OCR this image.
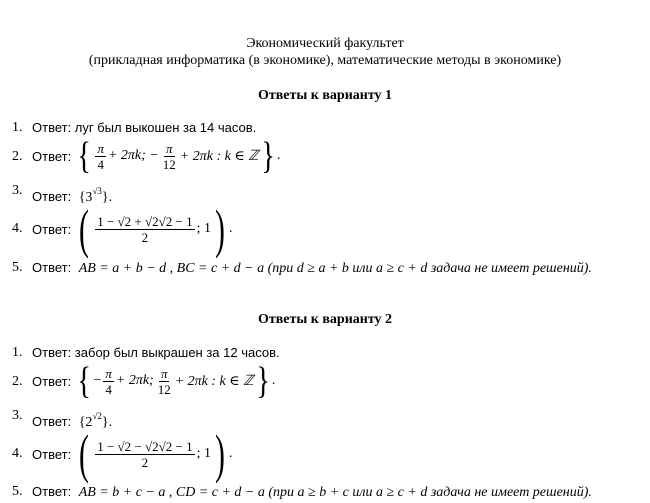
Экономический факультет
(прикладная информатика (в экономике), математические методы в экономике)
Ответы к варианту 1
1. Ответ: луг был выкошен за 14 часов.
2. Ответ: { $\frac{\pi}{4} + 2\pi k$; − $\frac{\pi}{12} + 2\pi k$ : k ∈ ℤ } .
3. Ответ: $\{3^{√3}\}$.
4. Ответ: ( $\frac{1 - √2 + √2√2 - 1}{2}$ ; 1 ) .
5. Ответ: AB = a + b − d , BC = c + d − a (при d ≥ a + b или a ≥ c + d задача не имеет решений).
Ответы к варианту 2
1. Ответ: забор был выкрашен за 12 часов.
2. Ответ: { − $\frac{\pi}{4} + 2\pi k$; $\frac{\pi}{12} + 2\pi k$ : k ∈ ℤ } .
3. Ответ: $\{2^{√2}\}$.
4. Ответ: ( $\frac{1 - √2 - √2√2 - 1}{2}$ ; 1 ) .
5. Ответ: AB = b + c − a , CD = c + d − a (при a ≥ b + c или a ≥ c + d задача не имеет решений).
